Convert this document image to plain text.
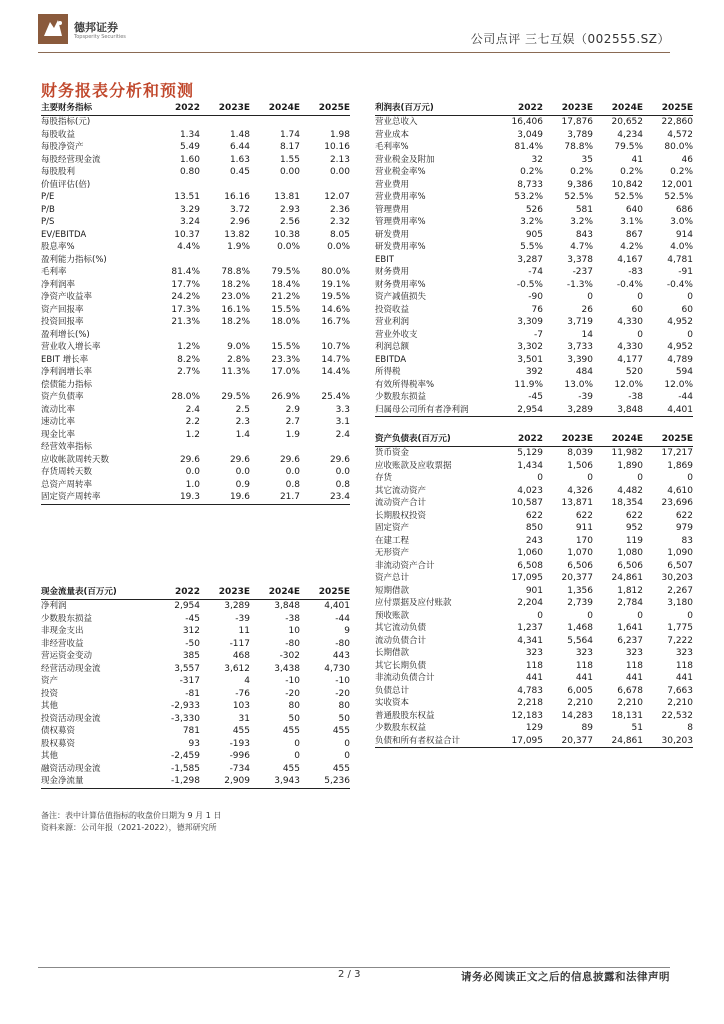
德邦证券
Topsperity Securities	公司点评 三七互娱（002555.SZ）
财务报表分析和预测
主要财务指标	2022	2023E	2024E	2025E
每股指标(元)				
每股收益	1.34	1.48	1.74	1.98
每股净资产	5.49	6.44	8.17	10.16
每股经营现金流	1.60	1.63	1.55	2.13
每股股利	0.80	0.45	0.00	0.00
价值评估(倍)				
P/E	13.51	16.16	13.81	12.07
P/B	3.29	3.72	2.93	2.36
P/S	3.24	2.96	2.56	2.32
EV/EBITDA	10.37	13.82	10.38	8.05
股息率%	4.4%	1.9%	0.0%	0.0%
盈利能力指标(%)				
毛利率	81.4%	78.8%	79.5%	80.0%
净利润率	17.7%	18.2%	18.4%	19.1%
净资产收益率	24.2%	23.0%	21.2%	19.5%
资产回报率	17.3%	16.1%	15.5%	14.6%
投资回报率	21.3%	18.2%	18.0%	16.7%
盈利增长(%)				
营业收入增长率	1.2%	9.0%	15.5%	10.7%
EBIT 增长率	8.2%	2.8%	23.3%	14.7%
净利润增长率	2.7%	11.3%	17.0%	14.4%
偿债能力指标				
资产负债率	28.0%	29.5%	26.9%	25.4%
流动比率	2.4	2.5	2.9	3.3
速动比率	2.2	2.3	2.7	3.1
现金比率	1.2	1.4	1.9	2.4
经营效率指标				
应收帐款周转天数	29.6	29.6	29.6	29.6
存货周转天数	0.0	0.0	0.0	0.0
总资产周转率	1.0	0.9	0.8	0.8
固定资产周转率	19.3	19.6	21.7	23.4
利润表(百万元)	2022	2023E	2024E	2025E
营业总收入	16,406	17,876	20,652	22,860
营业成本	3,049	3,789	4,234	4,572
毛利率%	81.4%	78.8%	79.5%	80.0%
营业税金及附加	32	35	41	46
营业税金率%	0.2%	0.2%	0.2%	0.2%
营业费用	8,733	9,386	10,842	12,001
营业费用率%	53.2%	52.5%	52.5%	52.5%
管理费用	526	581	640	686
管理费用率%	3.2%	3.2%	3.1%	3.0%
研发费用	905	843	867	914
研发费用率%	5.5%	4.7%	4.2%	4.0%
EBIT	3,287	3,378	4,167	4,781
财务费用	-74	-237	-83	-91
财务费用率%	-0.5%	-1.3%	-0.4%	-0.4%
资产减值损失	-90	0	0	0
投资收益	76	26	60	60
营业利润	3,309	3,719	4,330	4,952
营业外收支	-7	14	0	0
利润总额	3,302	3,733	4,330	4,952
EBITDA	3,501	3,390	4,177	4,789
所得税	392	484	520	594
有效所得税率%	11.9%	13.0%	12.0%	12.0%
少数股东损益	-45	-39	-38	-44
归属母公司所有者净利润	2,954	3,289	3,848	4,401
资产负债表(百万元)	2022	2023E	2024E	2025E
货币资金	5,129	8,039	11,982	17,217
应收账款及应收票据	1,434	1,506	1,890	1,869
存货	0	0	0	0
其它流动资产	4,023	4,326	4,482	4,610
流动资产合计	10,587	13,871	18,354	23,696
长期股权投资	622	622	622	622
固定资产	850	911	952	979
在建工程	243	170	119	83
无形资产	1,060	1,070	1,080	1,090
非流动资产合计	6,508	6,506	6,506	6,507
资产总计	17,095	20,377	24,861	30,203
短期借款	901	1,356	1,812	2,267
应付票据及应付账款	2,204	2,739	2,784	3,180
预收账款	0	0	0	0
其它流动负债	1,237	1,468	1,641	1,775
流动负债合计	4,341	5,564	6,237	7,222
长期借款	323	323	323	323
其它长期负债	118	118	118	118
非流动负债合计	441	441	441	441
负债总计	4,783	6,005	6,678	7,663
实收资本	2,218	2,210	2,210	2,210
普通股股东权益	12,183	14,283	18,131	22,532
少数股东权益	129	89	51	8
负债和所有者权益合计	17,095	20,377	24,861	30,203
现金流量表(百万元)	2022	2023E	2024E	2025E
净利润	2,954	3,289	3,848	4,401
少数股东损益	-45	-39	-38	-44
非现金支出	312	11	10	9
非经营收益	-50	-117	-80	-80
营运资金变动	385	468	-302	443
经营活动现金流	3,557	3,612	3,438	4,730
资产	-317	4	-10	-10
投资	-81	-76	-20	-20
其他	-2,933	103	80	80
投资活动现金流	-3,330	31	50	50
债权募资	781	455	455	455
股权募资	93	-193	0	0
其他	-2,459	-996	0	0
融资活动现金流	-1,585	-734	455	455
现金净流量	-1,298	2,909	3,943	5,236
备注：表中计算估值指标的收盘价日期为 9 月 1 日
资料来源：公司年报（2021-2022），德邦研究所
2 / 3	请务必阅读正文之后的信息披露和法律声明
